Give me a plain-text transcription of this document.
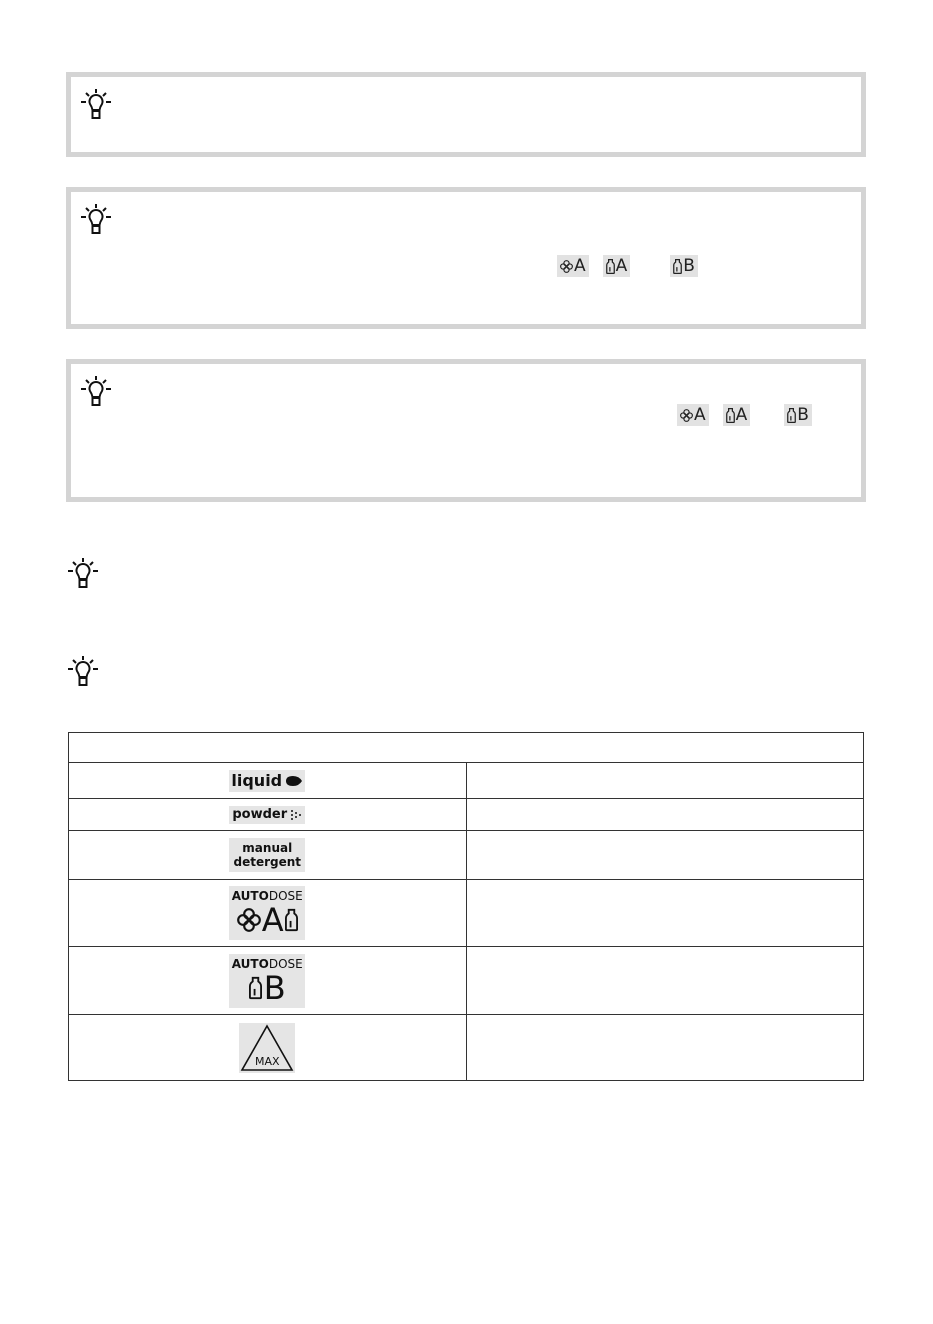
A A	B
A A	B

liquid	

powder	

manual
detergent	

AUTODOSE
A	

AUTODOSE
B	

MAX	
